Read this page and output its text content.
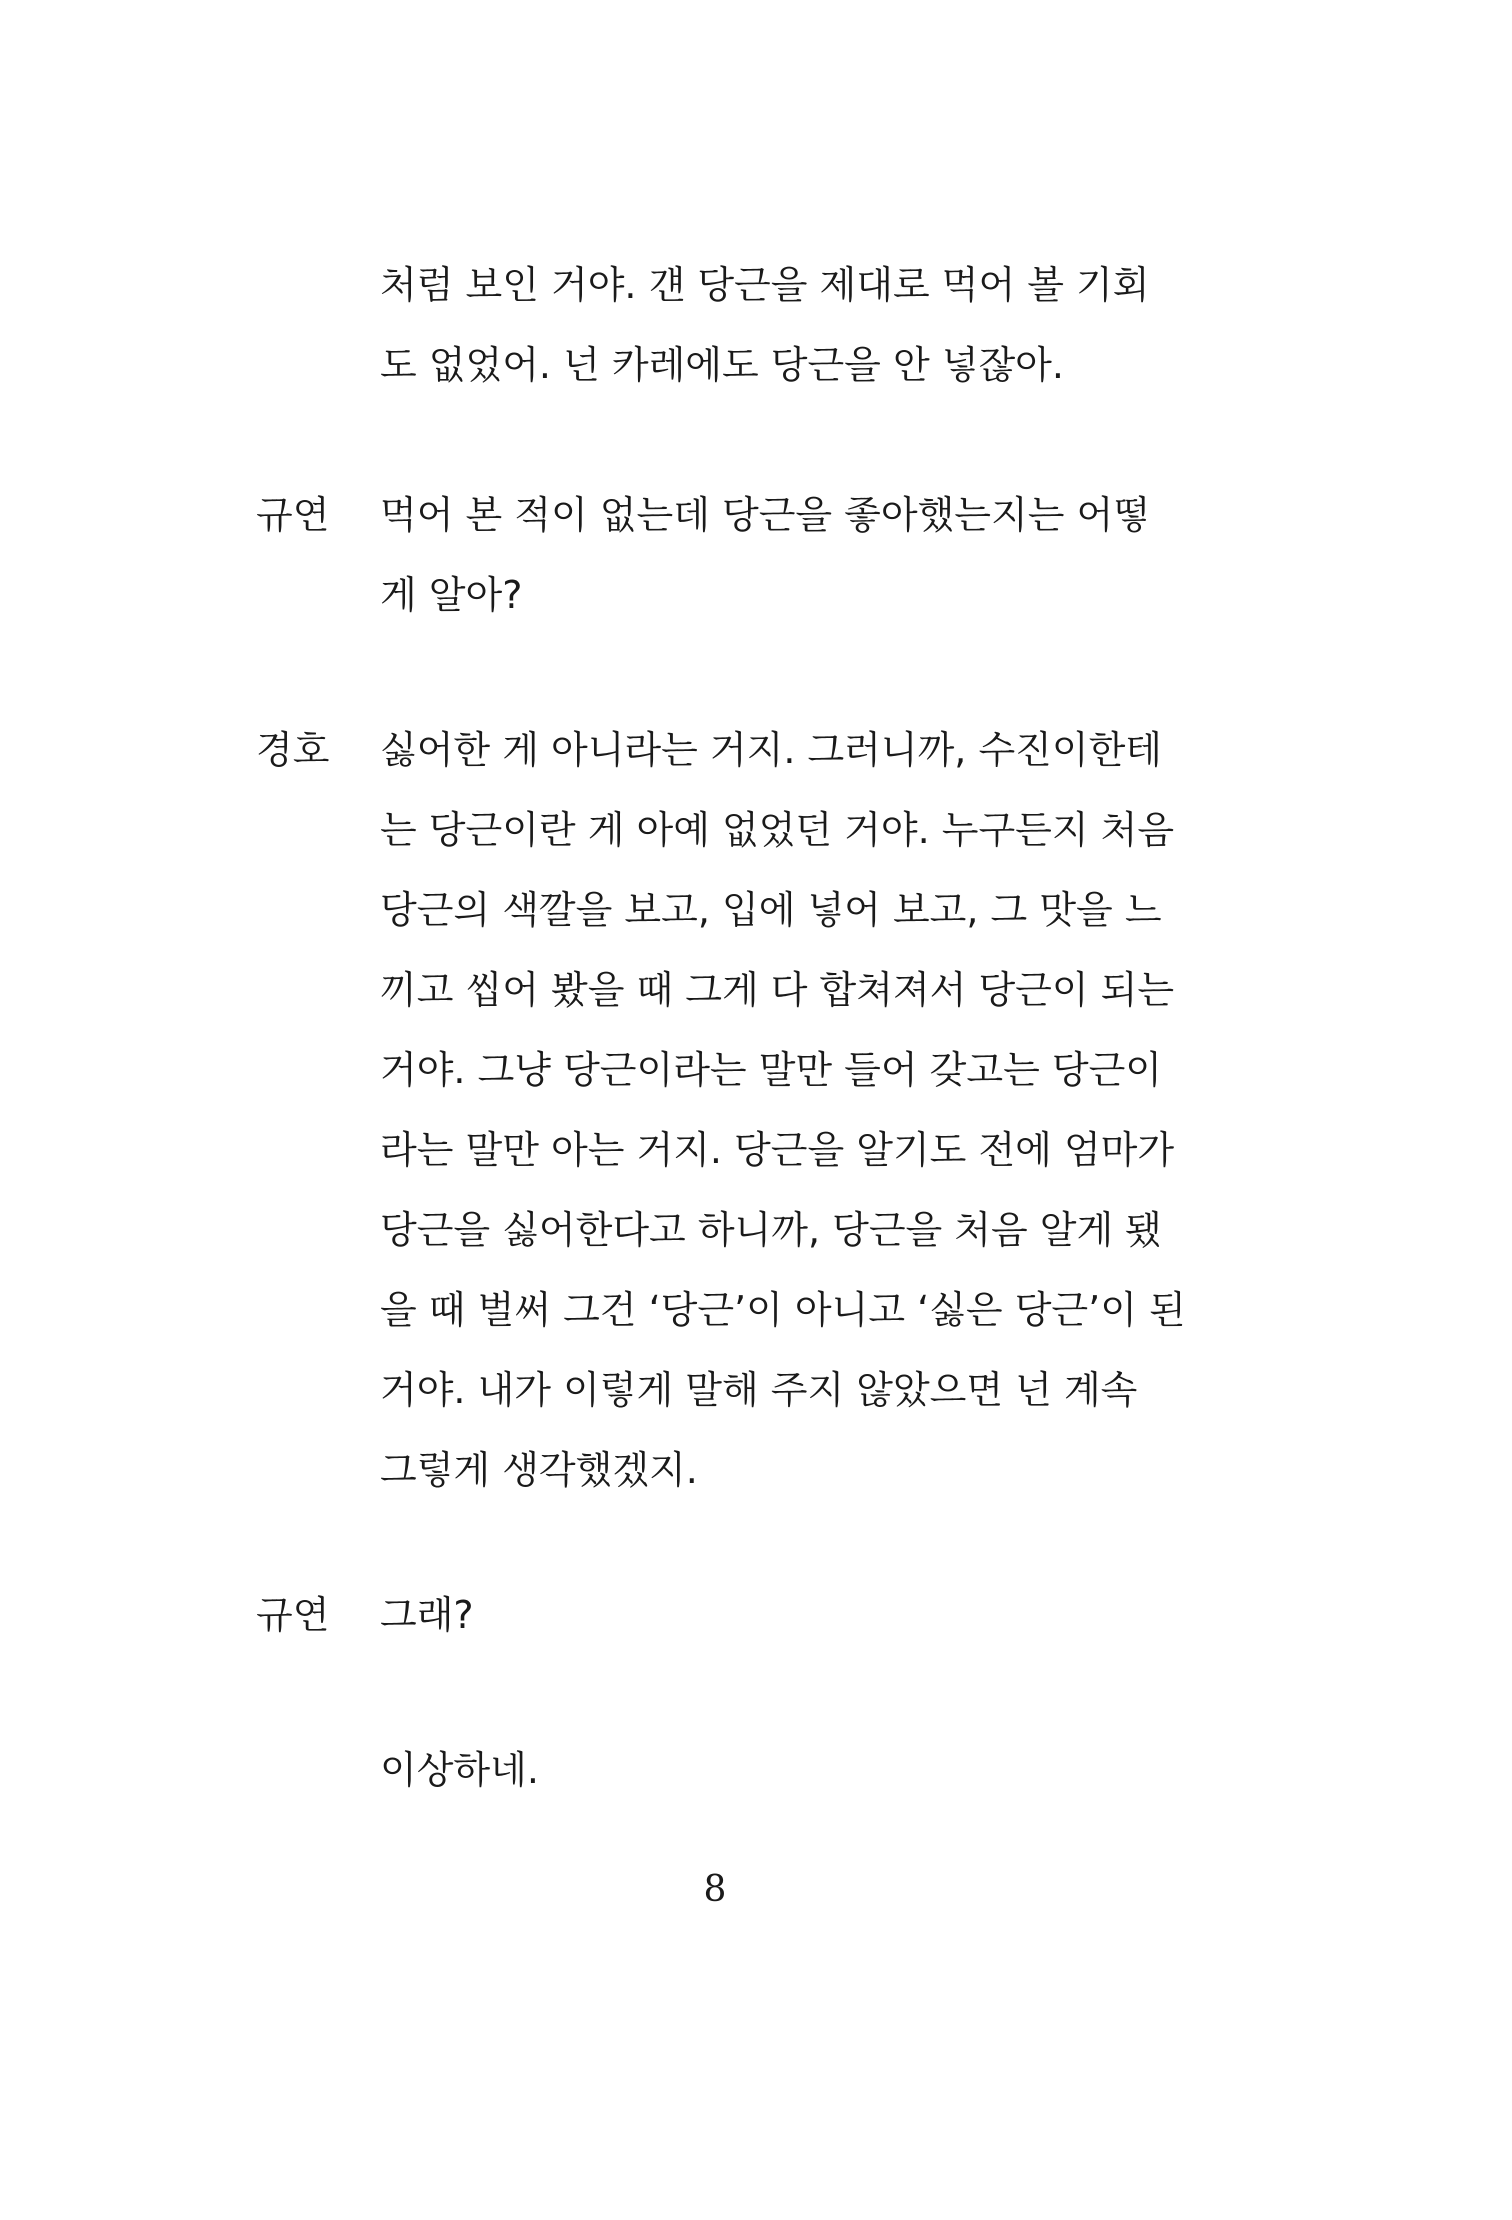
처럼 보인 거야. 걘 당근을 제대로 먹어 볼 기회
도 없었어. 넌 카레에도 당근을 안 넣잖아.
규연 먹어 본 적이 없는데 당근을 좋아했는지는 어떻
게 알아?
경호 싫어한 게 아니라는 거지. 그러니까, 수진이한테
는 당근이란 게 아예 없었던 거야. 누구든지 처음
당근의 색깔을 보고, 입에 넣어 보고, 그 맛을 느
끼고 씹어 봤을 때 그게 다 합쳐져서 당근이 되는
거야. 그냥 당근이라는 말만 들어 갖고는 당근이
라는 말만 아는 거지. 당근을 알기도 전에 엄마가
당근을 싫어한다고 하니까, 당근을 처음 알게 됐
을 때 벌써 그건 ‘당근’이 아니고 ‘싫은 당근’이 된
거야. 내가 이렇게 말해 주지 않았으면 넌 계속
그렇게 생각했겠지.
규연 그래?
이상하네.
8
